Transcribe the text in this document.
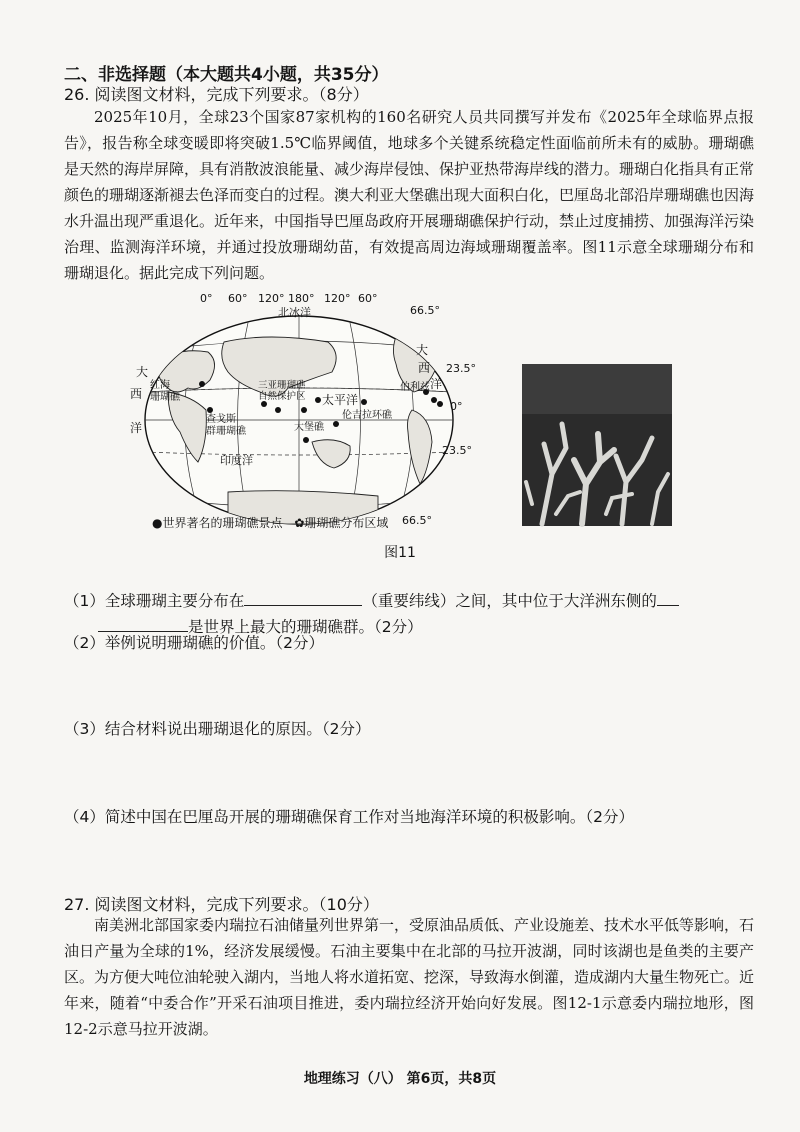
二、非选择题（本大题共4小题，共35分）
26. 阅读图文材料，完成下列要求。（8分）
2025年10月，全球23个国家87家机构的160名研究人员共同撰写并发布《2025年全球临界点报告》，报告称全球变暖即将突破1.5℃临界阈值，地球多个关键系统稳定性面临前所未有的威胁。珊瑚礁是天然的海岸屏障，具有消散波浪能量、减少海岸侵蚀、保护亚热带海岸线的潜力。珊瑚白化指具有正常颜色的珊瑚逐渐褪去色泽而变白的过程。澳大利亚大堡礁出现大面积白化，巴厘岛北部沿岸珊瑚礁也因海水升温出现严重退化。近年来，中国指导巴厘岛政府开展珊瑚礁保护行动，禁止过度捕捞、加强海洋污染治理、监测海洋环境，并通过投放珊瑚幼苗，有效提高周边海域珊瑚覆盖率。图11示意全球珊瑚分布和珊瑚退化。据此完成下列问题。
0° 60° 120° 180° 120° 60°
66.5°
23.5°
0°
23.5°
66.5°
北冰洋
大
西
洋
大
西
洋
太平洋
印度洋
红海
珊瑚礁
三亚珊瑚礁
自然保护区
查戈斯
群珊瑚礁	大堡礁
伦吉拉环礁
伯利兹
●世界著名的珊瑚礁景点 ✿珊瑚礁分布区域
图11
（1）全球珊瑚主要分布在	（重要纬线）之间，其中位于大洋洲东侧的
是世界上最大的珊瑚礁群。（2分）
（2）举例说明珊瑚礁的价值。（2分）
（3）结合材料说出珊瑚退化的原因。（2分）
（4）简述中国在巴厘岛开展的珊瑚礁保育工作对当地海洋环境的积极影响。（2分）
27. 阅读图文材料，完成下列要求。（10分）
南美洲北部国家委内瑞拉石油储量列世界第一，受原油品质低、产业设施差、技术水平低等影响，石油日产量为全球的1%，经济发展缓慢。石油主要集中在北部的马拉开波湖，同时该湖也是鱼类的主要产区。为方便大吨位油轮驶入湖内，当地人将水道拓宽、挖深，导致海水倒灌，造成湖内大量生物死亡。近年来，随着“中委合作”开采石油项目推进，委内瑞拉经济开始向好发展。图12-1示意委内瑞拉地形，图12-2示意马拉开波湖。
地理练习（八） 第6页，共8页
